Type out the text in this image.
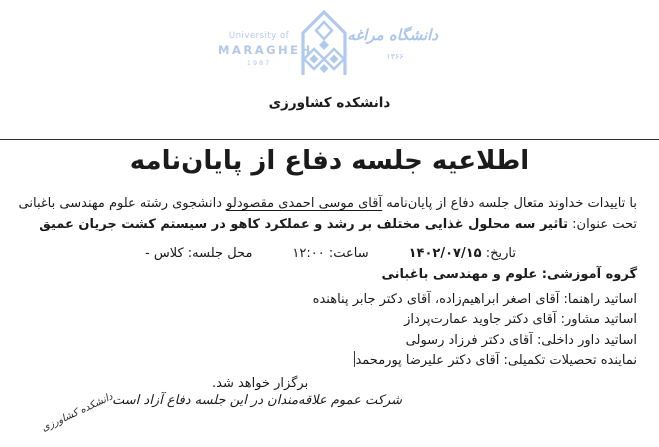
University of
MARAGHEH
1987
دانشگاه مراغه
۱۳۶۶
دانشکده کشاورزی
اطلاعیه جلسه دفاع از پایان‌نامه
با تاییدات خداوند متعال جلسه دفاع از پایان‌نامه آقای موسی احمدی مقصودلو دانشجوی رشته علوم مهندسی باغبانی
تحت عنوان: تاثیر سه محلول غذایی مختلف بر رشد و عملکرد کاهو در سیستم کشت جریان عمیق
تاریخ: ۱۴۰۲/۰۷/۱۵ساعت: ۱۲:۰۰محل جلسه: کلاس -
گروه آموزشی: علوم و مهندسی باغبانی
اساتید راهنما: آقای اصغر ابراهیم‌زاده، آقای دکتر جابر پناهنده
اساتید مشاور: آقای دکتر جاوید عمارت‌پرداز
اساتید داور داخلی: آقای دکتر فرزاد رسولی
نماینده تحصیلات تکمیلی: آقای دکتر علیرضا پورمحمد
برگزار خواهد شد.
شرکت عموم علاقه‌مندان در این جلسه دفاع آزاد است
دانشکده کشاورزی
